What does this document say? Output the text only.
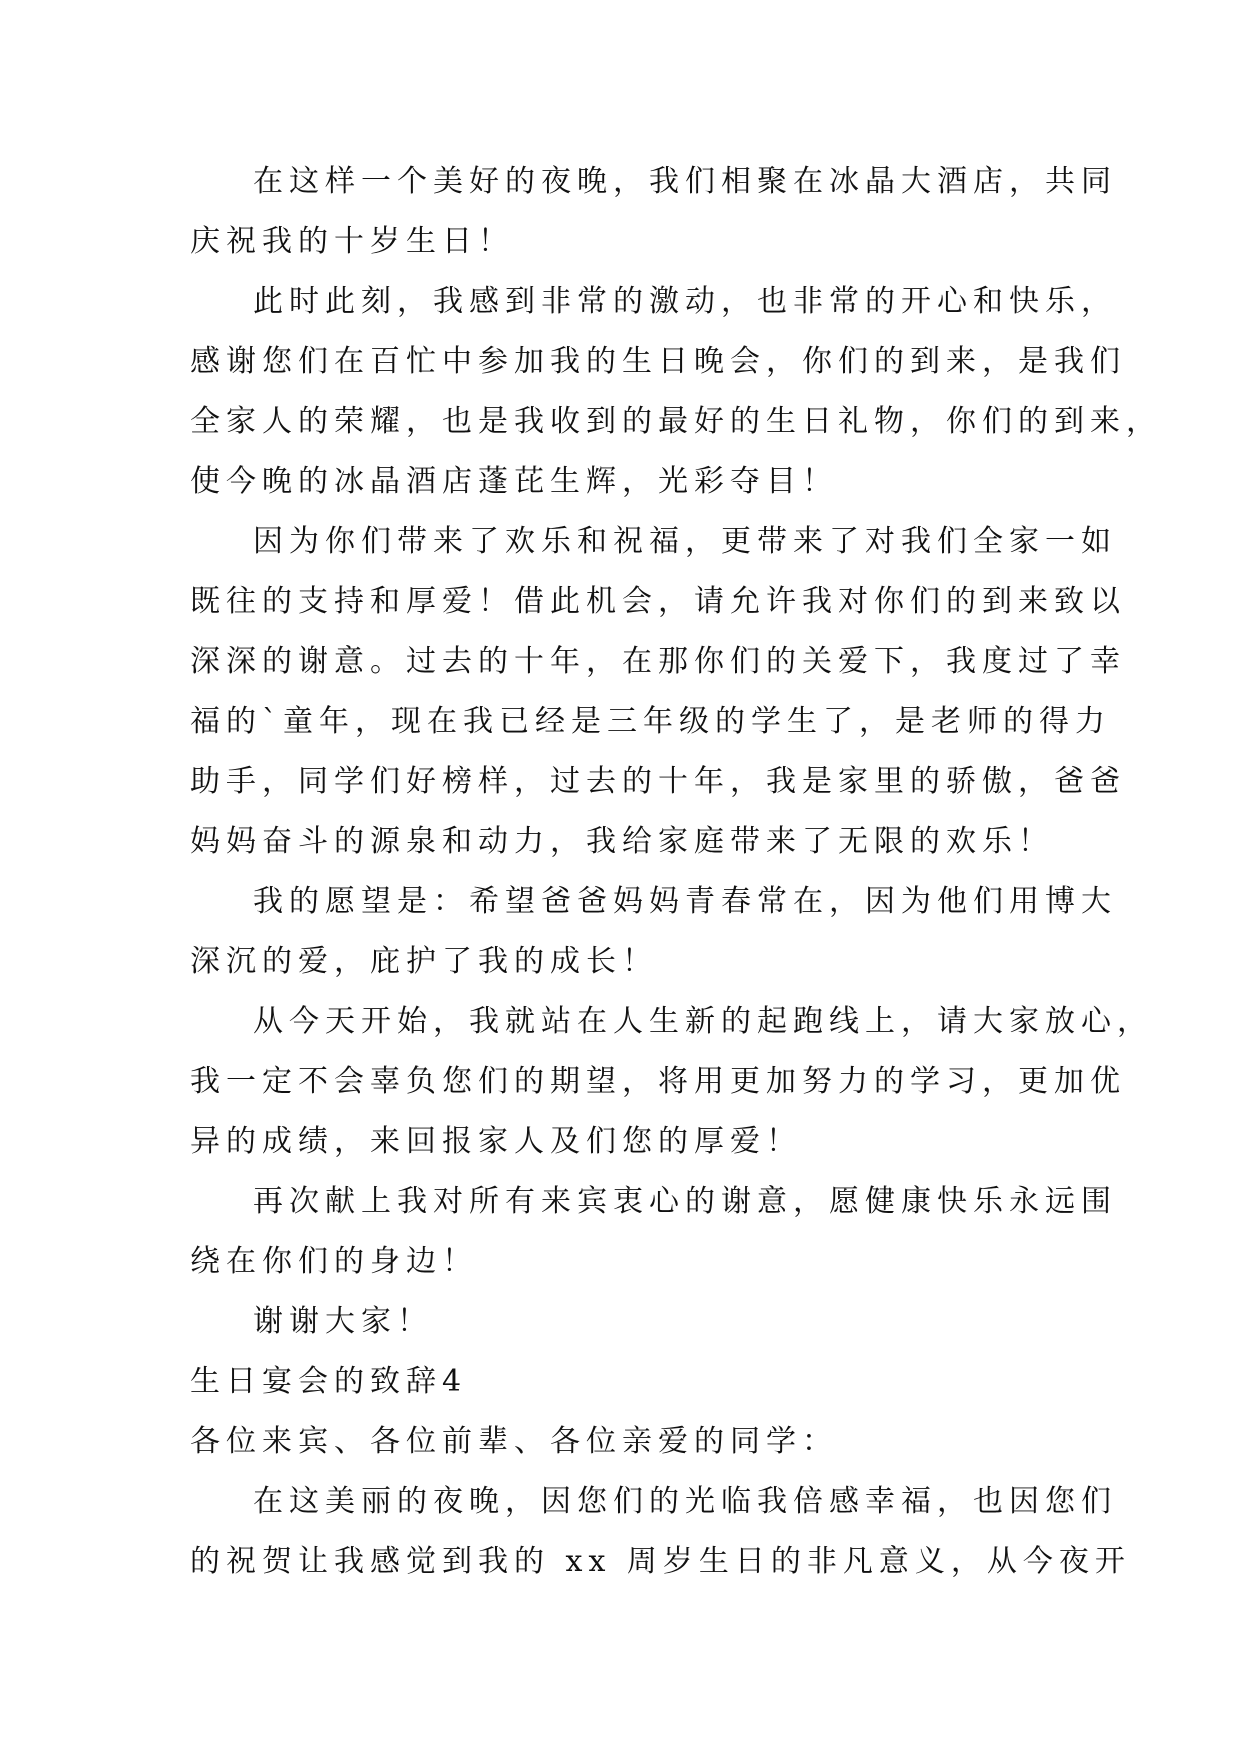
在这样一个美好的夜晚，我们相聚在冰晶大酒店，共同
庆祝我的十岁生日！
此时此刻，我感到非常的激动，也非常的开心和快乐，
感谢您们在百忙中参加我的生日晚会，你们的到来，是我们
全家人的荣耀，也是我收到的最好的生日礼物，你们的到来，
使今晚的冰晶酒店蓬芘生辉，光彩夺目！
因为你们带来了欢乐和祝福，更带来了对我们全家一如
既往的支持和厚爱！借此机会，请允许我对你们的到来致以
深深的谢意。过去的十年，在那你们的关爱下，我度过了幸
福的`童年，现在我已经是三年级的学生了，是老师的得力
助手，同学们好榜样，过去的十年，我是家里的骄傲，爸爸
妈妈奋斗的源泉和动力，我给家庭带来了无限的欢乐！
我的愿望是：希望爸爸妈妈青春常在，因为他们用博大
深沉的爱，庇护了我的成长！
从今天开始，我就站在人生新的起跑线上，请大家放心，
我一定不会辜负您们的期望，将用更加努力的学习，更加优
异的成绩，来回报家人及们您的厚爱！
再次献上我对所有来宾衷心的谢意，愿健康快乐永远围
绕在你们的身边！
谢谢大家！
生日宴会的致辞4
各位来宾、各位前辈、各位亲爱的同学：
在这美丽的夜晚，因您们的光临我倍感幸福，也因您们
的祝贺让我感觉到我的 xx 周岁生日的非凡意义，从今夜开
